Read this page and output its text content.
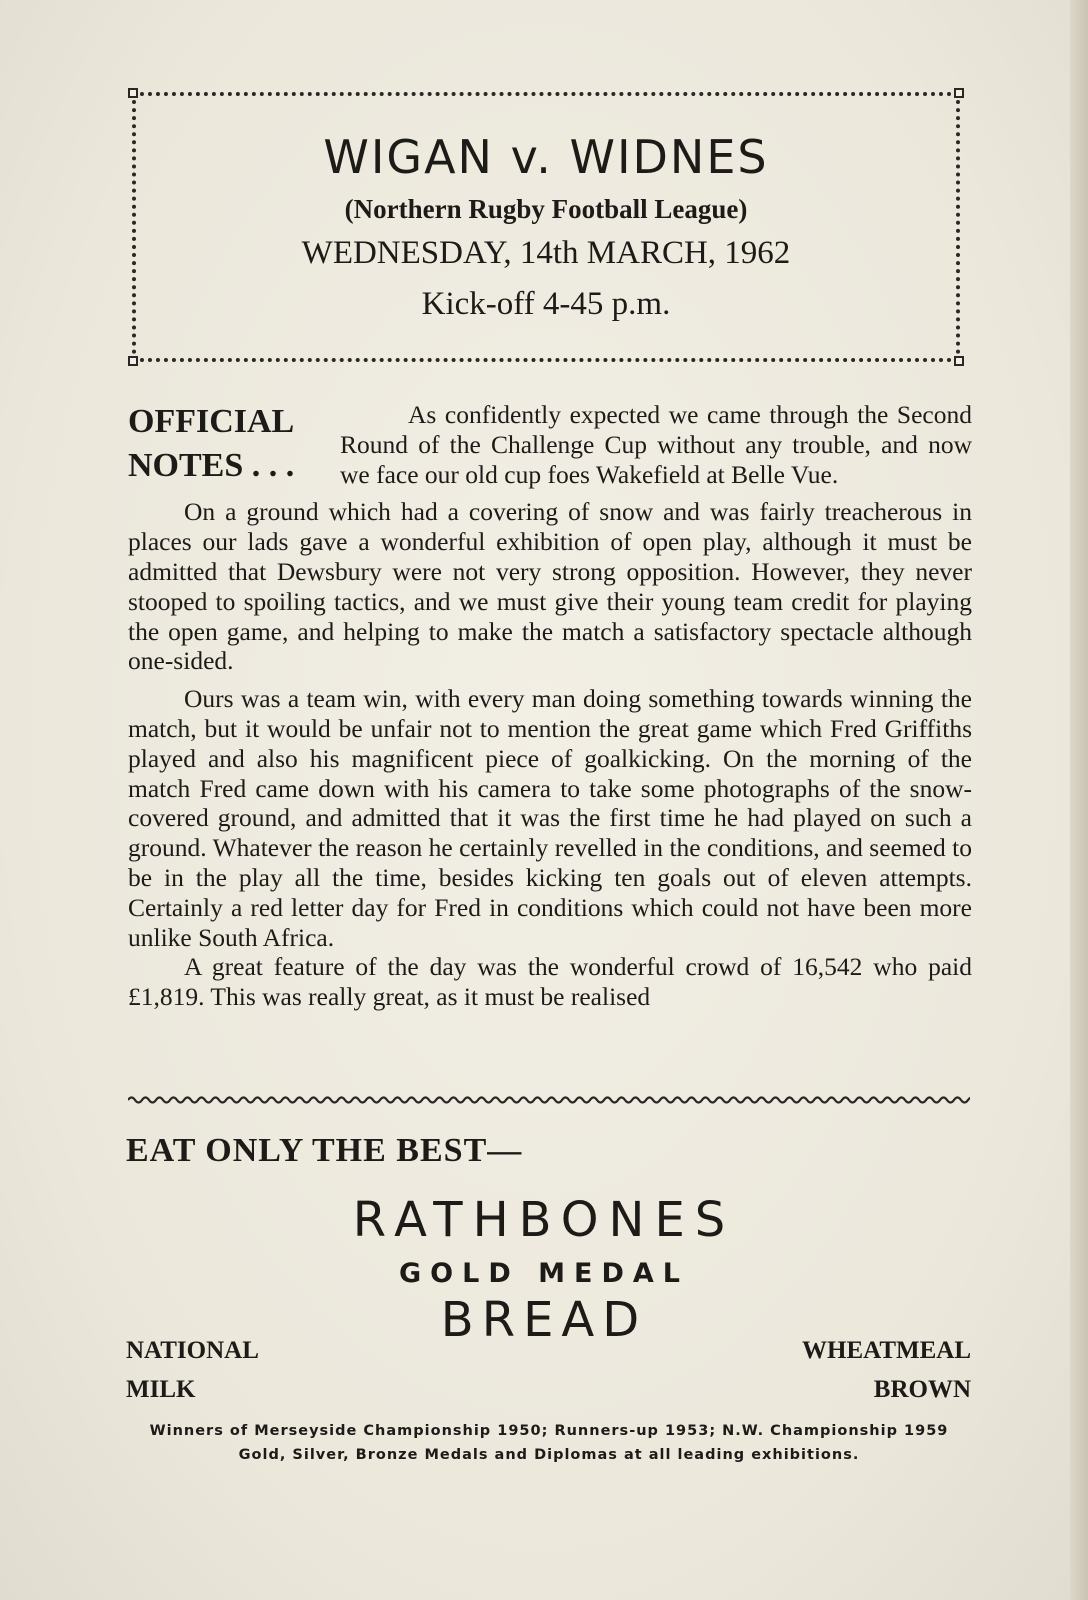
WIGAN v. WIDNES
(Northern Rugby Football League)
WEDNESDAY, 14th MARCH, 1962
Kick-off 4-45 p.m.
OFFICIAL
NOTES . . .

As confidently expected we came through the Second Round of the Challenge Cup without any trouble, and now we face our old cup foes Wakefield at Belle Vue.

On a ground which had a covering of snow and was fairly treacherous in places our lads gave a wonderful exhibition of open play, although it must be admitted that Dewsbury were not very strong opposition. However, they never stooped to spoiling tactics, and we must give their young team credit for playing the open game, and helping to make the match a satisfactory spectacle although one-sided.

Ours was a team win, with every man doing something towards winning the match, but it would be unfair not to mention the great game which Fred Griffiths played and also his magnificent piece of goalkicking. On the morning of the match Fred came down with his camera to take some photographs of the snow-covered ground, and admitted that it was the first time he had played on such a ground. Whatever the reason he certainly revelled in the conditions, and seemed to be in the play all the time, besides kicking ten goals out of eleven attempts. Certainly a red letter day for Fred in conditions which could not have been more unlike South Africa.

A great feature of the day was the wonderful crowd of 16,542 who paid £1,819. This was really great, as it must be realised

EAT ONLY THE BEST—
RATHBONES
GOLD MEDAL
BREAD
NATIONAL
MILK
WHEATMEAL
BROWN
Winners of Merseyside Championship 1950; Runners-up 1953; N.W. Championship 1959
Gold, Silver, Bronze Medals and Diplomas at all leading exhibitions.
